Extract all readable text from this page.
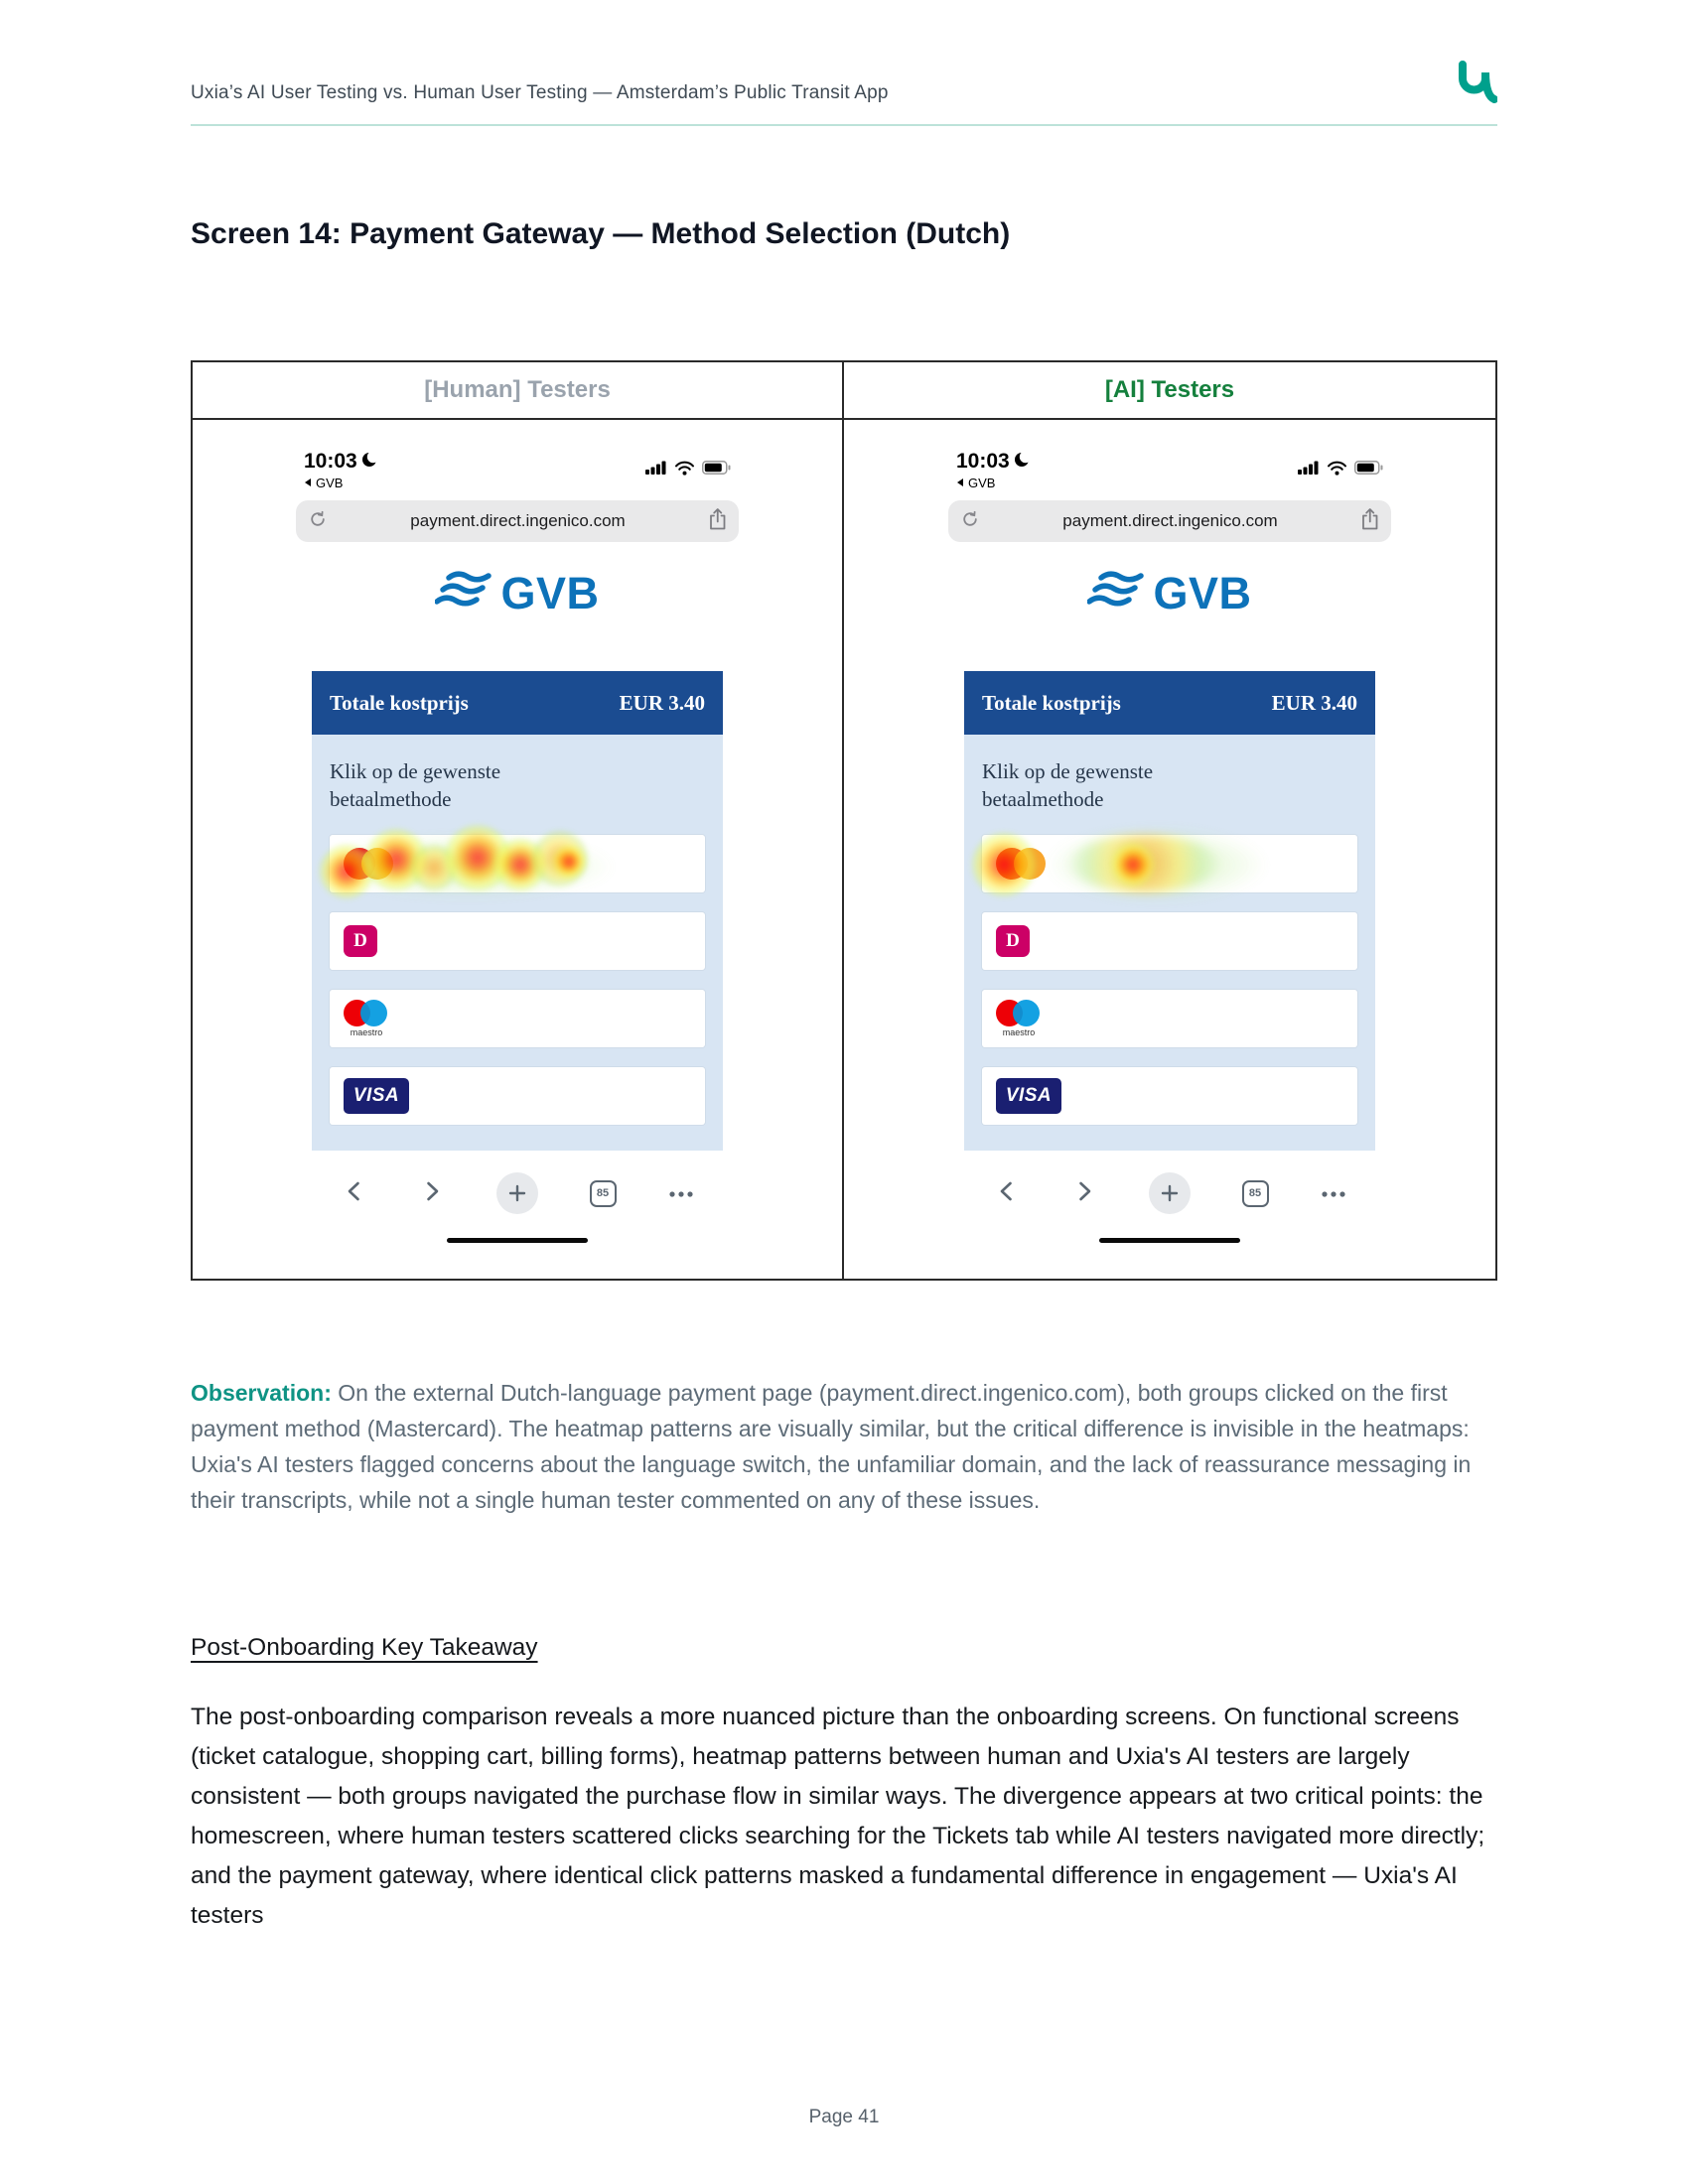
Uxia’s AI User Testing vs. Human User Testing — Amsterdam’s Public Transit App
Screen 14: Payment Gateway — Method Selection (Dutch)
[Human] Testers	[AI] Testers
10:03
GVB
payment.direct.ingenico.com
GVB
Totale kostprijs	EUR 3.40
Klik op de gewenste
betaalmethode
D
maestro
VISA
85
10:03
GVB
payment.direct.ingenico.com
GVB
Totale kostprijs	EUR 3.40
Klik op de gewenste
betaalmethode
D
maestro
VISA
85

Observation: On the external Dutch-language payment page (payment.direct.ingenico.com), both groups clicked on the first payment method (Mastercard). The heatmap patterns are visually similar, but the critical difference is invisible in the heatmaps: Uxia's AI testers flagged concerns about the language switch, the unfamiliar domain, and the lack of reassurance messaging in their transcripts, while not a single human tester commented on any of these issues.

Post-Onboarding Key Takeaway

The post-onboarding comparison reveals a more nuanced picture than the onboarding screens. On functional screens (ticket catalogue, shopping cart, billing forms), heatmap patterns between human and Uxia's AI testers are largely consistent — both groups navigated the purchase flow in similar ways. The divergence appears at two critical points: the homescreen, where human testers scattered clicks searching for the Tickets tab while AI testers navigated more directly; and the payment gateway, where identical click patterns masked a fundamental difference in engagement — Uxia's AI testers

Page 41
